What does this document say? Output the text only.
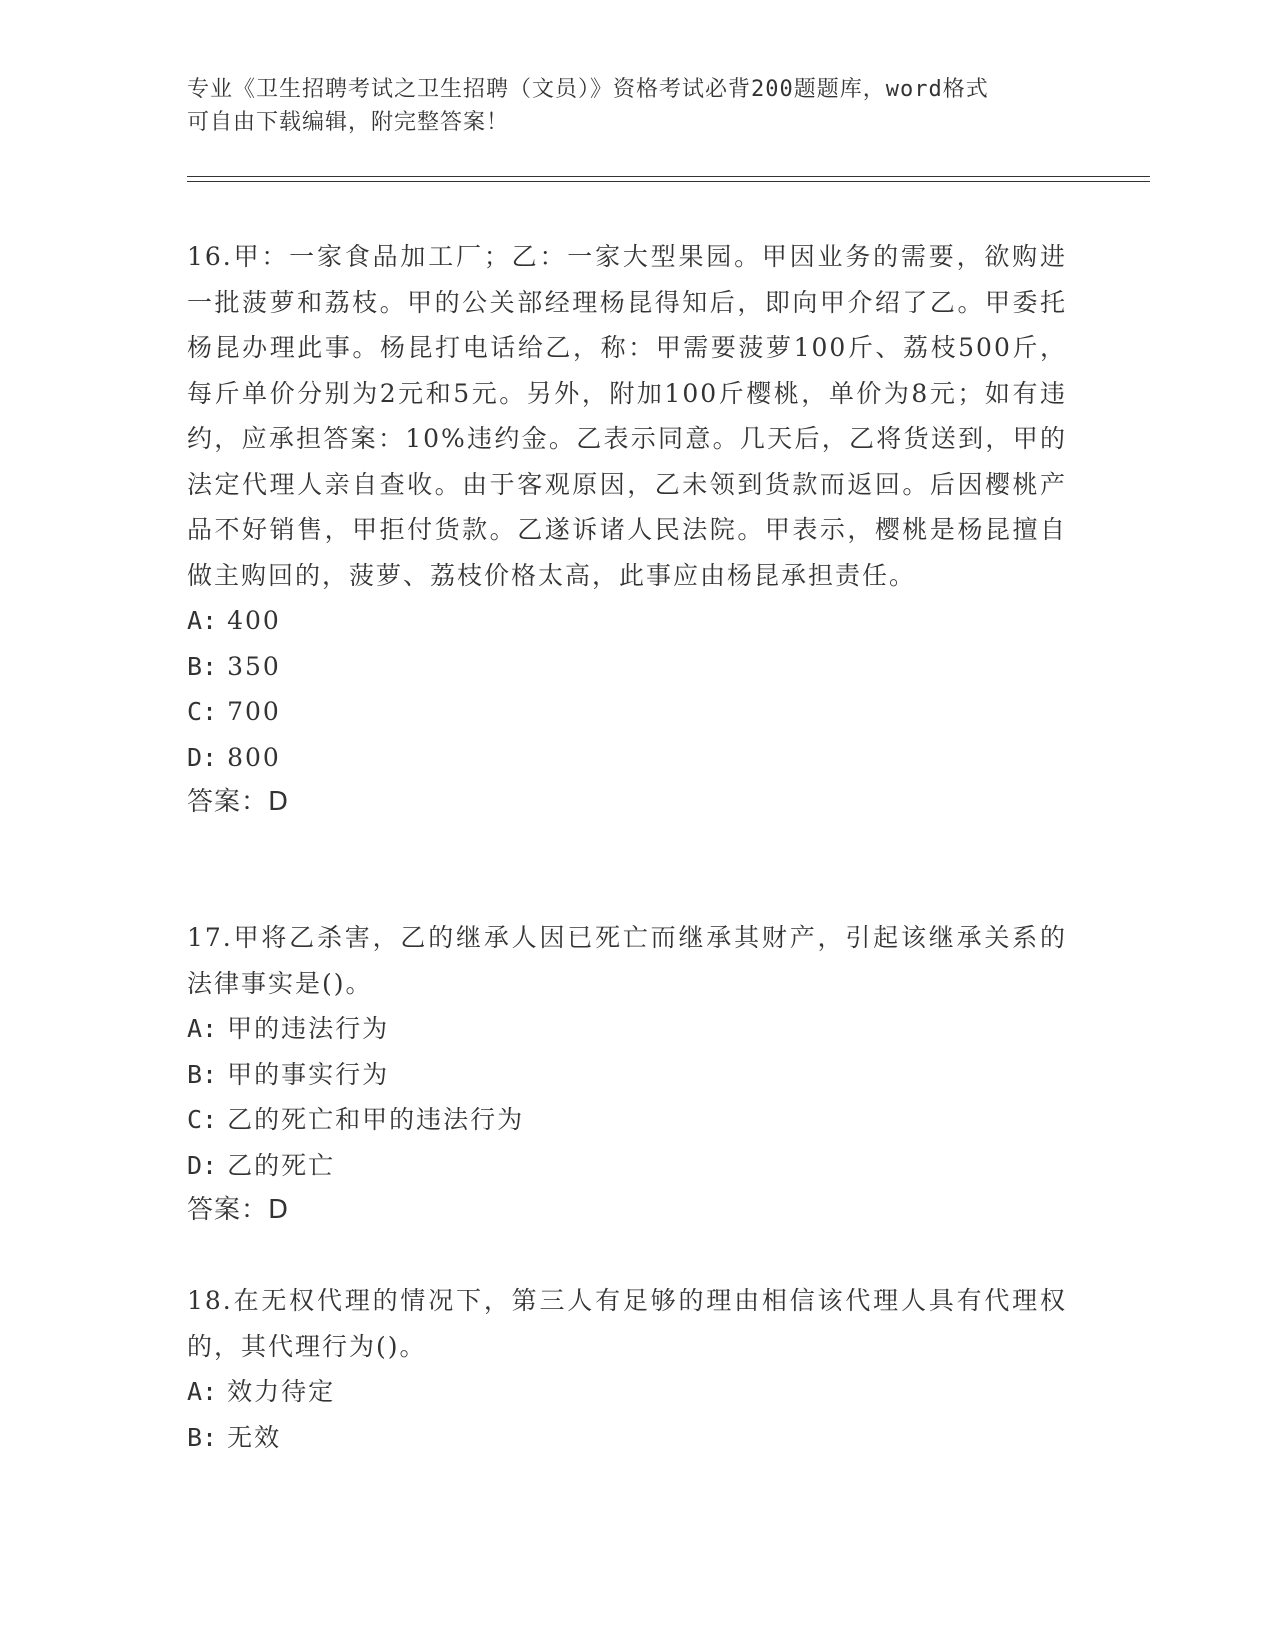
专业《卫生招聘考试之卫生招聘（文员）》资格考试必背200题题库，word格式
可自由下载编辑，附完整答案！
16.甲：一家食品加工厂；乙：一家大型果园。甲因业务的需要，欲购进一批菠萝和荔枝。甲的公关部经理杨昆得知后，即向甲介绍了乙。甲委托杨昆办理此事。杨昆打电话给乙，称：甲需要菠萝100斤、荔枝500斤，每斤单价分别为2元和5元。另外，附加100斤樱桃，单价为8元；如有违约，应承担答案：10%违约金。乙表示同意。几天后，乙将货送到，甲的法定代理人亲自查收。由于客观原因，乙未领到货款而返回。后因樱桃产品不好销售，甲拒付货款。乙遂诉诸人民法院。甲表示，樱桃是杨昆擅自做主购回的，菠萝、荔枝价格太高，此事应由杨昆承担责任。
A: 400
B: 350
C: 700
D: 800
答案：D
17.甲将乙杀害，乙的继承人因已死亡而继承其财产，引起该继承关系的法律事实是()。
A: 甲的违法行为
B: 甲的事实行为
C: 乙的死亡和甲的违法行为
D: 乙的死亡
答案：D
18.在无权代理的情况下，第三人有足够的理由相信该代理人具有代理权的，其代理行为()。
A: 效力待定
B: 无效
